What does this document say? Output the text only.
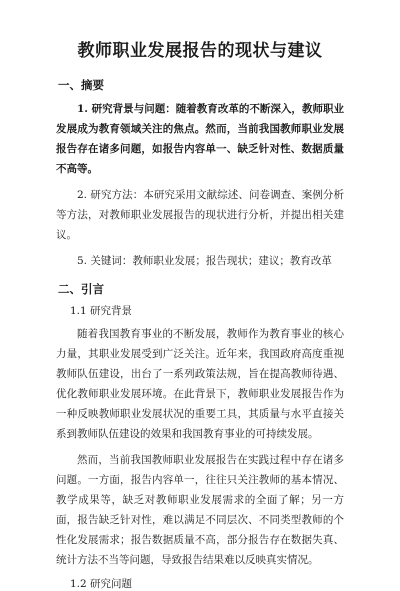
教师职业发展报告的现状与建议
一、摘要
1. 研究背景与问题：随着教育改革的不断深入，教师职业发展成为教育领域关注的焦点。然而，当前我国教师职业发展报告存在诸多问题，如报告内容单一、缺乏针对性、数据质量不高等。
2. 研究方法：本研究采用文献综述、问卷调查、案例分析等方法，对教师职业发展报告的现状进行分析，并提出相关建议。
5. 关键词：教师职业发展；报告现状；建议；教育改革
二、引言
1.1 研究背景
随着我国教育事业的不断发展，教师作为教育事业的核心力量，其职业发展受到广泛关注。近年来，我国政府高度重视教师队伍建设，出台了一系列政策法规，旨在提高教师待遇、优化教师职业发展环境。在此背景下，教师职业发展报告作为一种反映教师职业发展状况的重要工具，其质量与水平直接关系到教师队伍建设的效果和我国教育事业的可持续发展。
然而，当前我国教师职业发展报告在实践过程中存在诸多问题。一方面，报告内容单一，往往只关注教师的基本情况、教学成果等，缺乏对教师职业发展需求的全面了解；另一方面，报告缺乏针对性，难以满足不同层次、不同类型教师的个性化发展需求；报告数据质量不高，部分报告存在数据失真、统计方法不当等问题，导致报告结果难以反映真实情况。
1.2 研究问题
